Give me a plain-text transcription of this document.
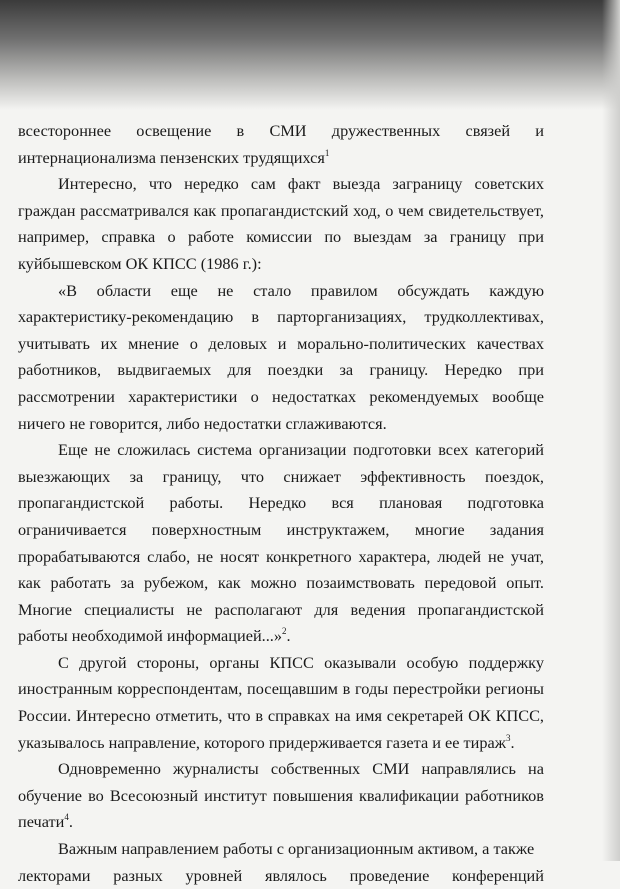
всестороннее освещение в СМИ дружественных связей и интернационализма пензенских трудящихся$^1$

Интересно, что нередко сам факт выезда заграницу советских граждан рассматривался как пропагандистский ход, о чем свидетельствует, например, справка о работе комиссии по выездам за границу при куйбышевском ОК КПСС (1986 г.):

«В области еще не стало правилом обсуждать каждую характеристику-рекомендацию в парторганизациях, трудколлективах, учитывать их мнение о деловых и морально-политических качествах работников, выдвигаемых для поездки за границу. Нередко при рассмотрении характеристики о недостатках рекомендуемых вообще ничего не говорится, либо недостатки сглаживаются.

Еще не сложилась система организации подготовки всех категорий выезжающих за границу, что снижает эффективность поездок, пропагандистской работы. Нередко вся плановая подготовка ограничивается поверхностным инструктажем, многие задания прорабатываются слабо, не носят конкретного характера, людей не учат, как работать за рубежом, как можно позаимствовать передовой опыт. Многие специалисты не располагают для ведения пропагандистской работы необходимой информацией...»$^2$.

С другой стороны, органы КПСС оказывали особую поддержку иностранным корреспондентам, посещавшим в годы перестройки регионы России. Интересно отметить, что в справках на имя секретарей ОК КПСС, указывалось направление, которого придерживается газета и ее тираж$^3$.

Одновременно журналисты собственных СМИ направлялись на обучение во Всесоюзный институт повышения квалификации работников печати$^4$.

Важным направлением работы с организационным активом, а также

лекторами разных уровней являлось проведение конференций
